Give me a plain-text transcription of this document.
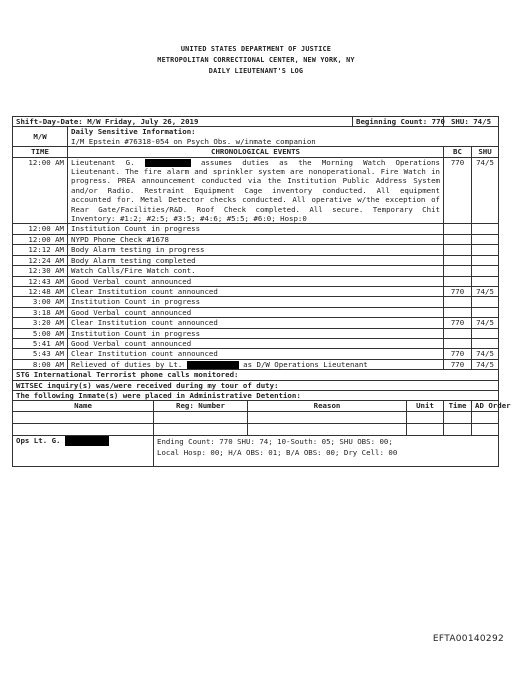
UNITED STATES DEPARTMENT OF JUSTICE
METROPOLITAN CORRECTIONAL CENTER, NEW YORK, NY
DAILY LIEUTENANT'S LOG
Shift-Day-Date: M/W Friday, July 26, 2019				Beginning Count: 770		SHU: 74/5	
M/W	Daily Sensitive Information:
I/M Epstein #76318-054 on Psych Obs. w/inmate companion						

TIME	CHRONOLOGICAL EVENTS					BC	SHU
12:00 AM	Lieutenant G. assumes duties as the Morning Watch Operations Lieutenant. The fire alarm and sprinkler system are nonoperational. Fire Watch in progress. PREA announcement conducted via the Institution Public Address System and/or Radio. Restraint Equipment Cage inventory conducted. All equipment accounted for. Metal Detector checks conducted. All operative w/the exception of Rear Gate/Facilities/R&D. Roof Check completed. All secure. Temporary Chit Inventory: #1:2; #2:5; #3:5; #4:6; #5:5; #6:0; Hosp:0					770	74/5
12:00 AM	Institution Count in progress						
12:00 AM	NYPD Phone Check #1678						
12:12 AM	Body Alarm testing in progress						
12:24 AM	Body Alarm testing completed						
12:30 AM	Watch Calls/Fire Watch cont.						
12:43 AM	Good Verbal count announced						
12:48 AM	Clear Institution count announced					770	74/5
3:00 AM	Institution Count in progress						
3:18 AM	Good Verbal count announced						
3:20 AM	Clear Institution count announced					770	74/5
5:00 AM	Institution Count in progress						
5:41 AM	Good Verbal count announced						
5:43 AM	Clear Institution count announced					770	74/5
8:00 AM	Relieved of duties by Lt. as D/W Operations Lieutenant					770	74/5
STG International Terrorist phone calls monitored:							
WITSEC inquiry(s) was/were received during my tour of duty:							
The following Inmate(s) were placed in Administrative Detention:							
Name		Reg: Number	Reason		Unit	Time	AD Order

Ops Lt. G.		Ending Count: 770 SHU: 74; 10-South: 05; SHU OBS: 00;
Local Hosp: 00; H/A OBS: 01; B/A OBS: 00; Dry Cell: 00					
EFTA00140292
